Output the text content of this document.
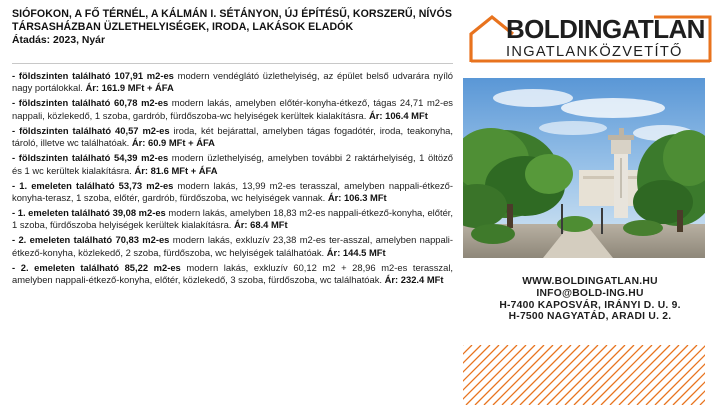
SIÓFOKON, A FŐ TÉRNÉL, A KÁLMÁN I. SÉTÁNYON, ÚJ ÉPÍTÉSŰ, KORSZERŰ, NÍVÓS TÁRSASHÁZBAN ÜZLETHELYISÉGEK, IRODA, LAKÁSOK ELADÓK
Átadás: 2023, Nyár

- földszinten található 107,91 m2-es modern vendéglátó üzlethelyiség, az épület belső udvarára nyíló nagy portálokkal. Ár: 161.9 MFt + ÁFA

- földszinten található 60,78 m2-es modern lakás, amelyben előtér-konyha-étkező, tágas 24,71 m2-es nappali, közlekedő, 1 szoba, gardrób, fürdőszoba-wc helyiségek kerültek kialakításra. Ár: 106.4 MFt

- földszinten található 40,57 m2-es iroda, két bejárattal, amelyben tágas fogadótér, iroda, teakonyha, tároló, illetve wc találhatóak. Ár: 60.9 MFt + ÁFA

- földszinten található 54,39 m2-es modern üzlethelyiség, amelyben további 2 raktárhelyiség, 1 öltöző és 1 wc kerültek kialakításra. Ár: 81.6 MFt + ÁFA

- 1. emeleten található 53,73 m2-es modern lakás, 13,99 m2-es terasszal, amelyben nappali-étkező-konyha-terasz, 1 szoba, előtér, gardrób, fürdőszoba, wc helyiségek vannak. Ár: 106.3 MFt

- 1. emeleten található 39,08 m2-es modern lakás, amelyben 18,83 m2-es nappali-étkező-konyha, előtér, 1 szoba, fürdőszoba helyiségek kerültek kialakításra. Ár: 68.4 MFt

- 2. emeleten található 70,83 m2-es modern lakás, exkluzív 23,38 m2-es ter-asszal, amelyben nappali-étkező-konyha, közlekedő, 2 szoba, fürdőszoba, wc helyiségek találhatóak. Ár: 144.5 MFt

- 2. emeleten található 85,22 m2-es modern lakás, exkluzív 60,12 m2 + 28,96 m2-es terasszal, amelyben nappali-étkező-konyha, előtér, közlekedő, 3 szoba, fürdőszoba, wc találhatóak. Ár: 232.4 MFt

BOLDINGATLAN
INGATLANKÖZVETÍTŐ
WWW.BOLDINGATLAN.HU
INFO@BOLD-ING.HU
H-7400 KAPOSVÁR, IRÁNYI D. U. 9.
H-7500 NAGYATÁD, ARADI U. 2.
